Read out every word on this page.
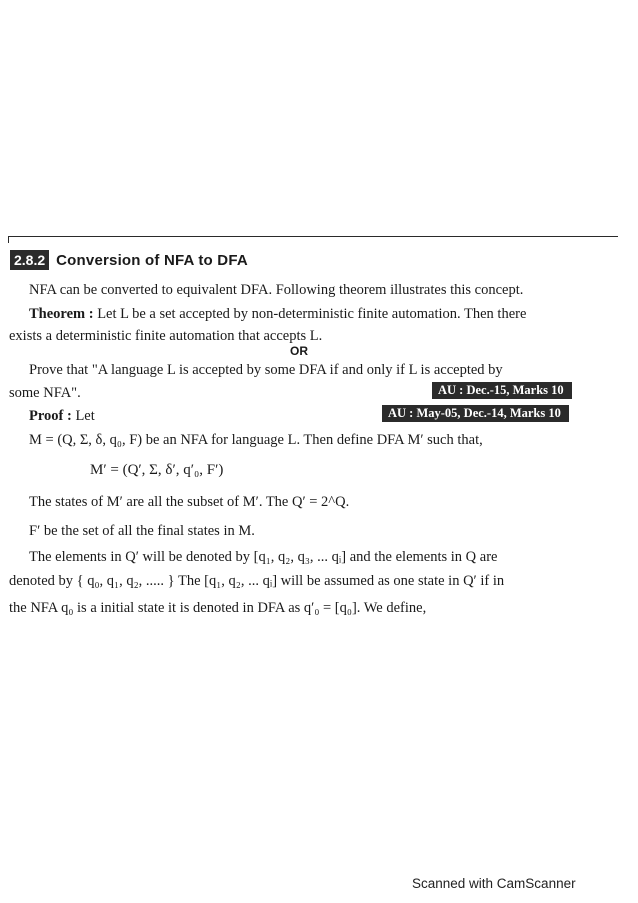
2.8.2 Conversion of NFA to DFA
NFA can be converted to equivalent DFA. Following theorem illustrates this concept.
Theorem : Let L be a set accepted by non-deterministic finite automation. Then there
exists a deterministic finite automation that accepts L.
OR
Prove that "A language L is accepted by some DFA if and only if L is accepted by
some NFA".	AU : Dec.-15, Marks 10
Proof : Let	AU : May-05, Dec.-14, Marks 10
M = (Q, Σ, δ, q₀, F) be an NFA for language L. Then define DFA M′ such that,
M′ = (Q′, Σ, δ′, q′₀, F′)
The states of M′ are all the subset of M′. The Q′ = 2^Q.
F′ be the set of all the final states in M.
The elements in Q′ will be denoted by [q₁, q₂, q₃, ... qᵢ] and the elements in Q are
denoted by { q₀, q₁, q₂, ..... } The [q₁, q₂, ... qᵢ] will be assumed as one state in Q′ if in
the NFA q₀ is a initial state it is denoted in DFA as q′₀ = [q₀]. We define,
Scanned with CamScanner
